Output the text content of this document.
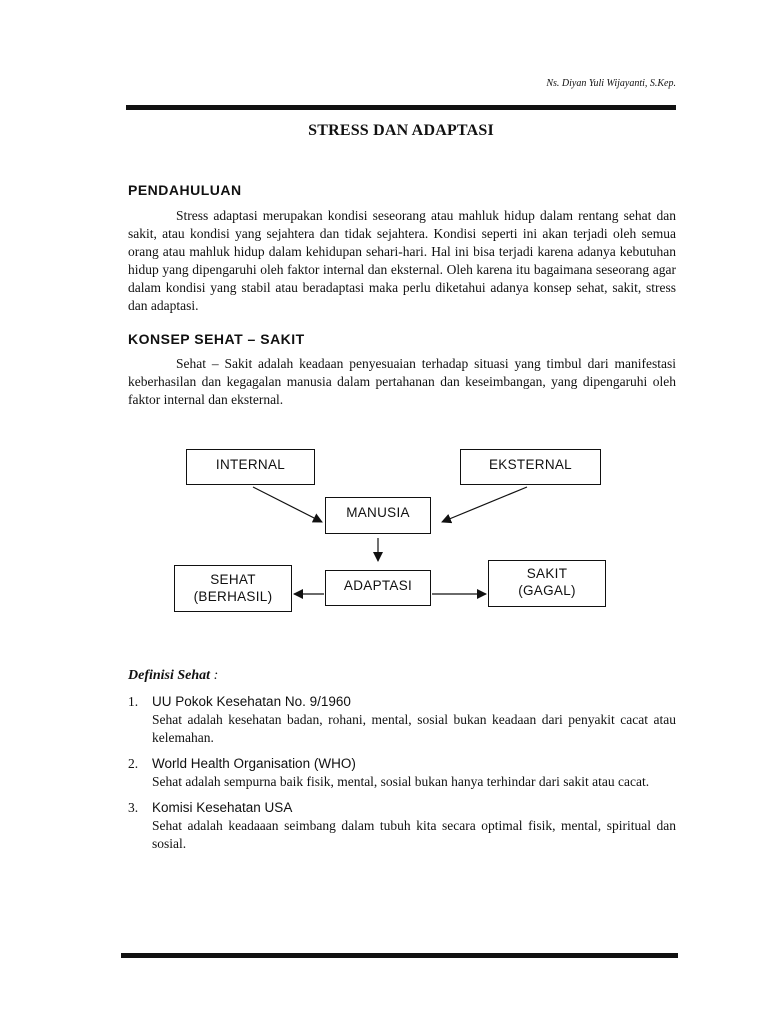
Ns. Diyan Yuli Wijayanti, S.Kep.
STRESS DAN ADAPTASI
PENDAHULUAN

Stress adaptasi merupakan kondisi seseorang atau mahluk hidup dalam rentang sehat dan sakit, atau kondisi yang sejahtera dan tidak sejahtera. Kondisi seperti ini akan terjadi oleh semua orang atau mahluk hidup dalam kehidupan sehari-hari. Hal ini bisa terjadi karena adanya kebutuhan hidup yang dipengaruhi oleh faktor internal dan eksternal. Oleh karena itu bagaimana seseorang agar dalam kondisi yang stabil atau beradaptasi maka perlu diketahui adanya konsep sehat, sakit, stress dan adaptasi.

KONSEP SEHAT – SAKIT

Sehat – Sakit adalah keadaan penyesuaian terhadap situasi yang timbul dari manifestasi keberhasilan dan kegagalan manusia dalam pertahanan dan keseimbangan, yang dipengaruhi oleh faktor internal dan eksternal.

INTERNAL	EKSTERNAL
MANUSIA
ADAPTASI
SEHAT
(BERHASIL)
SAKIT
(GAGAL)
Definisi Sehat :
1. UU Pokok Kesehatan No. 9/1960
Sehat adalah kesehatan badan, rohani, mental, sosial bukan keadaan dari penyakit cacat atau kelemahan.
2. World Health Organisation (WHO)
Sehat adalah sempurna baik fisik, mental, sosial bukan hanya terhindar dari sakit atau cacat.
3. Komisi Kesehatan USA
Sehat adalah keadaaan seimbang dalam tubuh kita secara optimal fisik, mental, spiritual dan sosial.
